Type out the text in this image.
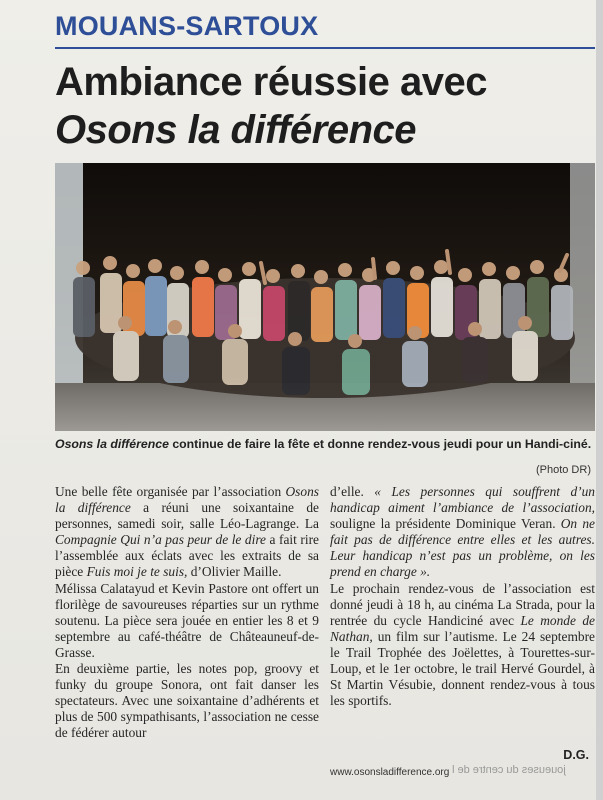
MOUANS-SARTOUX
Ambiance réussie avec
Osons la différence
Osons la différence continue de faire la fête et donne rendez-vous jeudi pour un Handi-ciné.
(Photo DR)

Une belle fête organisée par l’association Osons la différence a réuni une soixantaine de personnes, samedi soir, salle Léo-Lagrange. La Compagnie Qui n’a pas peur de le dire a fait rire l’assemblée aux éclats avec les extraits de sa pièce Fuis moi je te suis, d’Olivier Maille.

Mélissa Calatayud et Kevin Pastore ont offert un florilège de savoureuses réparties sur un rythme soutenu. La pièce sera jouée en entier les 8 et 9 septembre au café-théâtre de Châteauneuf-de-Grasse.

En deuxième partie, les notes pop, groovy et funky du groupe Sonora, ont fait danser les spectateurs. Avec une soixantaine d’adhérents et plus de 500 sympathisants, l’association ne cesse de fédérer autour

d’elle. « Les personnes qui souffrent d’un handicap aiment l’ambiance de l’association, souligne la présidente Dominique Veran. On ne fait pas de différence entre elles et les autres. Leur handicap n’est pas un problème, on les prend en charge ».

Le prochain rendez-vous de l’association est donné jeudi à 18 h, au cinéma La Strada, pour la rentrée du cycle Handiciné avec Le monde de Nathan, un film sur l’autisme. Le 24 septembre le Trail Trophée des Joëlettes, à Tourettes-sur-Loup, et le 1er octobre, le trail Hervé Gourdel, à St Martin Vésubie, donnent rendez-vous à tous les sportifs.

D.G.
www.osonsladifference.org joueuses du centre de l
